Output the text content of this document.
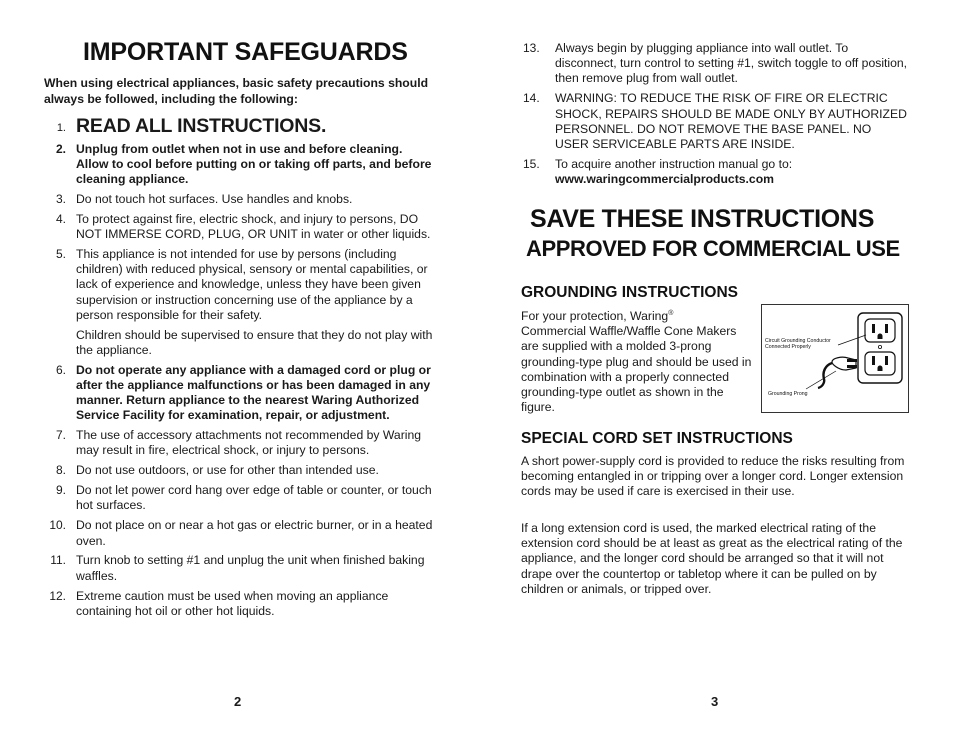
IMPORTANT SAFEGUARDS

When using electrical appliances, basic safety precautions should always be followed, including the following:

1. READ ALL INSTRUCTIONS.
2. Unplug from outlet when not in use and before cleaning. Allow to cool before putting on or taking off parts, and before cleaning appliance.
3. Do not touch hot surfaces. Use handles and knobs.
4. To protect against fire, electric shock, and injury to persons, DO NOT IMMERSE CORD, PLUG, OR UNIT in water or other liquids.
5. This appliance is not intended for use by persons (including children) with reduced physical, sensory or mental capabilities, or lack of experience and knowledge, unless they have been given supervision or instruction concerning use of the appliance by a person responsible for their safety.
Children should be supervised to ensure that they do not play with the appliance.
6. Do not operate any appliance with a damaged cord or plug or after the appliance malfunctions or has been damaged in any manner. Return appliance to the nearest Waring Authorized Service Facility for examination, repair, or adjustment.
7. The use of accessory attachments not recommended by Waring may result in fire, electrical shock, or injury to persons.
8. Do not use outdoors, or use for other than intended use.
9. Do not let power cord hang over edge of table or counter, or touch hot surfaces.
10. Do not place on or near a hot gas or electric burner, or in a heated oven.
11. Turn knob to setting #1 and unplug the unit when finished baking waffles.
12. Extreme caution must be used when moving an appliance containing hot oil or other hot liquids.
2
13. Always begin by plugging appliance into wall outlet. To disconnect, turn control to setting #1, switch toggle to off position, then remove plug from wall outlet.
14. WARNING: TO REDUCE THE RISK OF FIRE OR ELECTRIC SHOCK, REPAIRS SHOULD BE MADE ONLY BY AUTHORIZED PERSONNEL. DO NOT REMOVE THE BASE PANEL. NO USER SERVICEABLE PARTS ARE INSIDE.
15. To acquire another instruction manual go to:
www.waringcommercialproducts.com
SAVE THESE INSTRUCTIONS
APPROVED FOR COMMERCIAL USE
GROUNDING INSTRUCTIONS

For your protection, Waring®
Commercial Waffle/Waffle Cone Makers are supplied with a molded 3-prong grounding-type plug and should be used in combination with a properly connected grounding-type outlet as shown in the figure.

Circuit Grounding Conductor Connected Properly
Grounding Prong
SPECIAL CORD SET INSTRUCTIONS

A short power-supply cord is provided to reduce the risks resulting from becoming entangled in or tripping over a longer cord. Longer extension cords may be used if care is exercised in their use.

If a long extension cord is used, the marked electrical rating of the extension cord should be at least as great as the electrical rating of the appliance, and the longer cord should be arranged so that it will not drape over the countertop or tabletop where it can be pulled on by children or animals, or tripped over.

3
